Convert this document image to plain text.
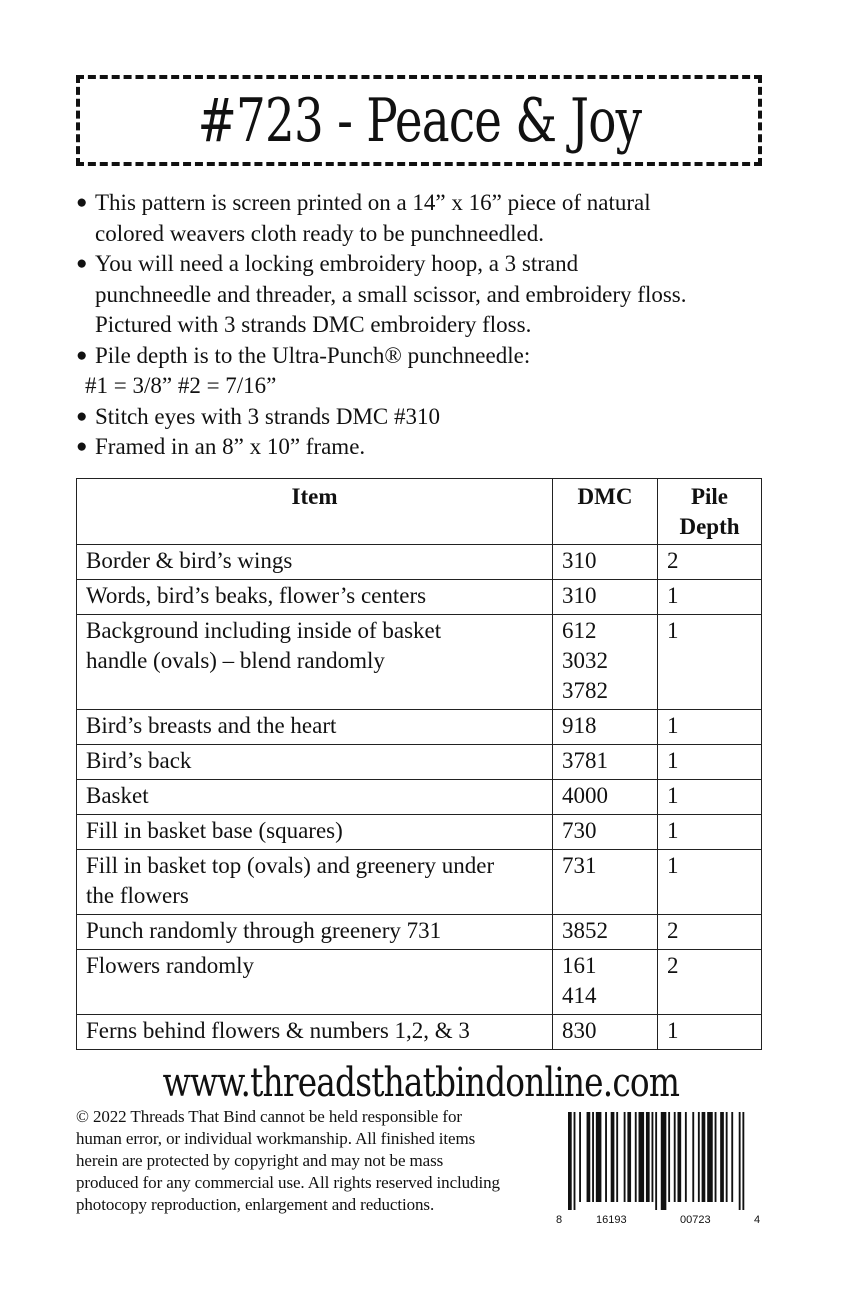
#723 - Peace & Joy
● This pattern is screen printed on a 14” x 16” piece of natural
colored weavers cloth ready to be punchneedled.
● You will need a locking embroidery hoop, a 3 strand
punchneedle and threader, a small scissor, and embroidery floss.
Pictured with 3 strands DMC embroidery floss.
● Pile depth is to the Ultra-Punch® punchneedle:
#1 = 3/8” #2 = 7/16”
● Stitch eyes with 3 strands DMC #310
● Framed in an 8” x 10” frame.
Item	DMC	Pile
Depth

Border & bird’s wings	310	2

Words, bird’s beaks, flower’s centers	310	1

Background including inside of basket
handle (ovals) – blend randomly	612
3032
3782	1

Bird’s breasts and the heart	918	1

Bird’s back	3781	1

Basket	4000	1

Fill in basket base (squares)	730	1

Fill in basket top (ovals) and greenery under
the flowers	731	1

Punch randomly through greenery 731	3852	2

Flowers randomly	161
414	2

Ferns behind flowers & numbers 1,2, & 3	830	1
www.threadsthatbindonline.com
© 2022 Threads That Bind cannot be held responsible for
human error, or individual workmanship. All finished items
herein are protected by copyright and may not be mass
produced for any commercial use. All rights reserved including
photocopy reproduction, enlargement and reductions.
8	16193	00723	4
